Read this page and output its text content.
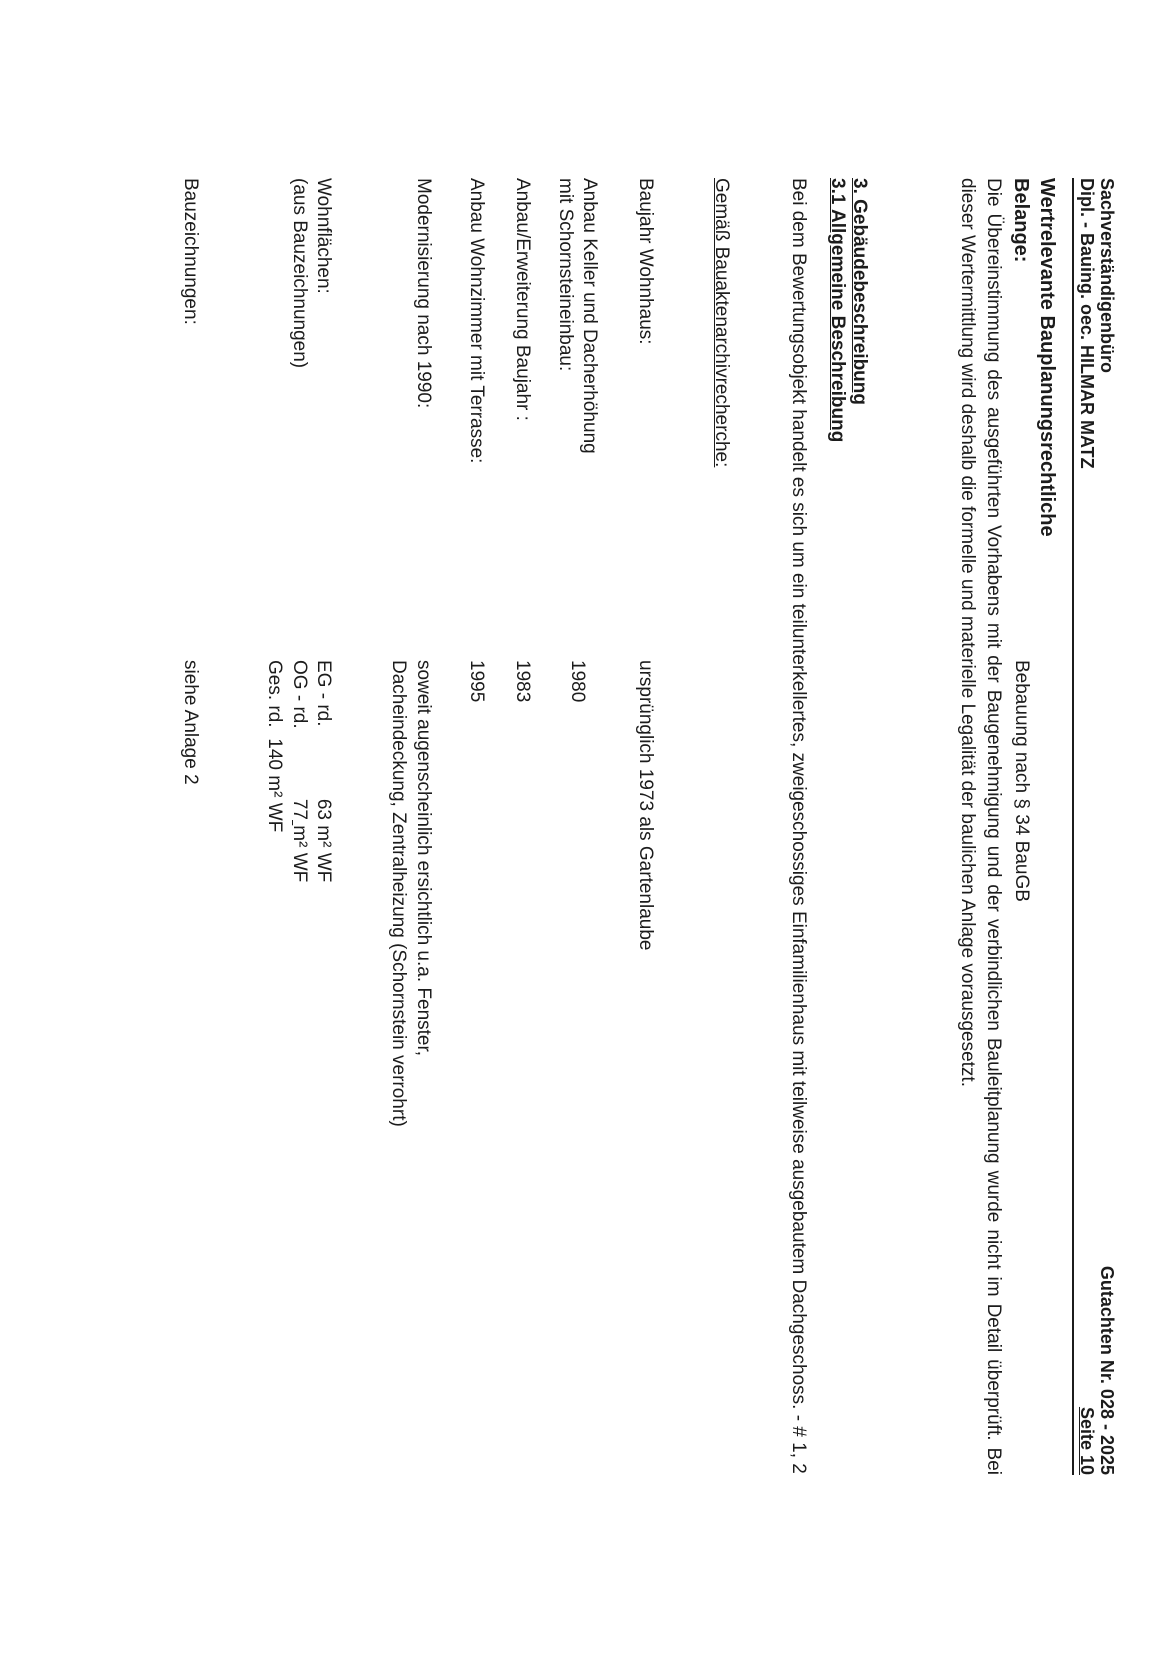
Sachverständigenbüro
Dipl. - Bauing. oec. HILMAR MATZ
Gutachten Nr. 028 - 2025
Seite 10
Wertrelevante Bauplanungsrechtliche
Belange:
Bebauung nach § 34 BauGB
Die Übereinstimmung des ausgeführten Vorhabens mit der Baugenehmigung und der verbindlichen Bauleitplanung wurde nicht im Detail überprüft. Bei dieser Wertermittlung wird deshalb die formelle und materielle Legalität der baulichen Anlage vorausgesetzt.
3. Gebäudebeschreibung
3.1 Allgemeine Beschreibung
Bei dem Bewertungsobjekt handelt es sich um ein teilunterkellertes, zweigeschossiges Einfamilienhaus mit teilweise ausgebautem Dachgeschoss. - # 1, 2
Gemäß Bauaktenarchivrecherche:
Baujahr Wohnhaus:
ursprünglich 1973 als Gartenlaube
Anbau Keller und Dacherhöhung
mit Schornsteineinbau:
1980
Anbau/Erweiterung Baujahr :
1983
Anbau Wohnzimmer mit Terrasse:
1995
Modernisierung nach 1990:
soweit augenscheinlich ersichtlich u.a. Fenster,
Dacheindeckung, Zentralheizung (Schornstein verrohrt)
Wohnflächen:
(aus Bauzeichnungen)
EG - rd.63 m² WF
OG - rd.77 m² WF
Ges. rd.140 m² WF
Bauzeichnungen:
siehe Anlage 2
